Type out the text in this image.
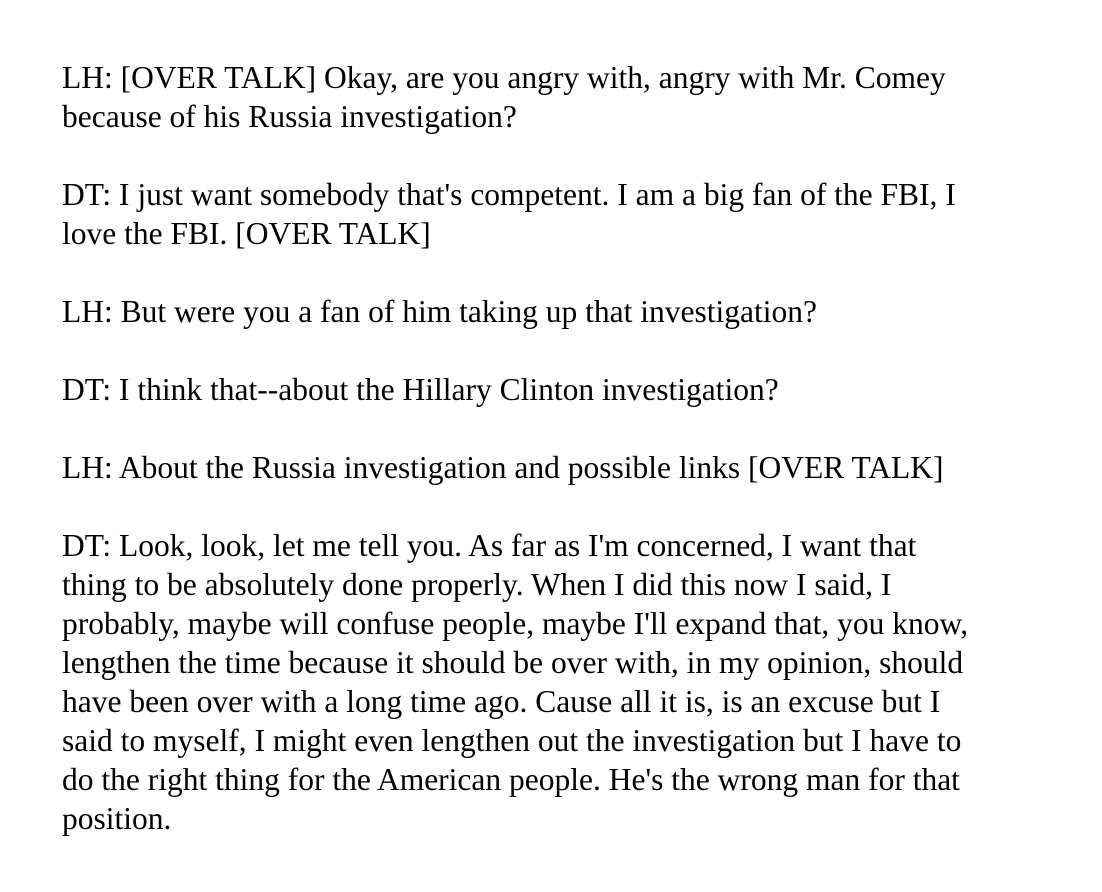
LH: [OVER TALK] Okay, are you angry with, angry with Mr. Comey
because of his Russia investigation?
DT: I just want somebody that's competent. I am a big fan of the FBI, I
love the FBI. [OVER TALK]
LH: But were you a fan of him taking up that investigation?
DT: I think that--about the Hillary Clinton investigation?
LH: About the Russia investigation and possible links [OVER TALK]
DT: Look, look, let me tell you. As far as I'm concerned, I want that
thing to be absolutely done properly. When I did this now I said, I
probably, maybe will confuse people, maybe I'll expand that, you know,
lengthen the time because it should be over with, in my opinion, should
have been over with a long time ago. Cause all it is, is an excuse but I
said to myself, I might even lengthen out the investigation but I have to
do the right thing for the American people. He's the wrong man for that
position.
